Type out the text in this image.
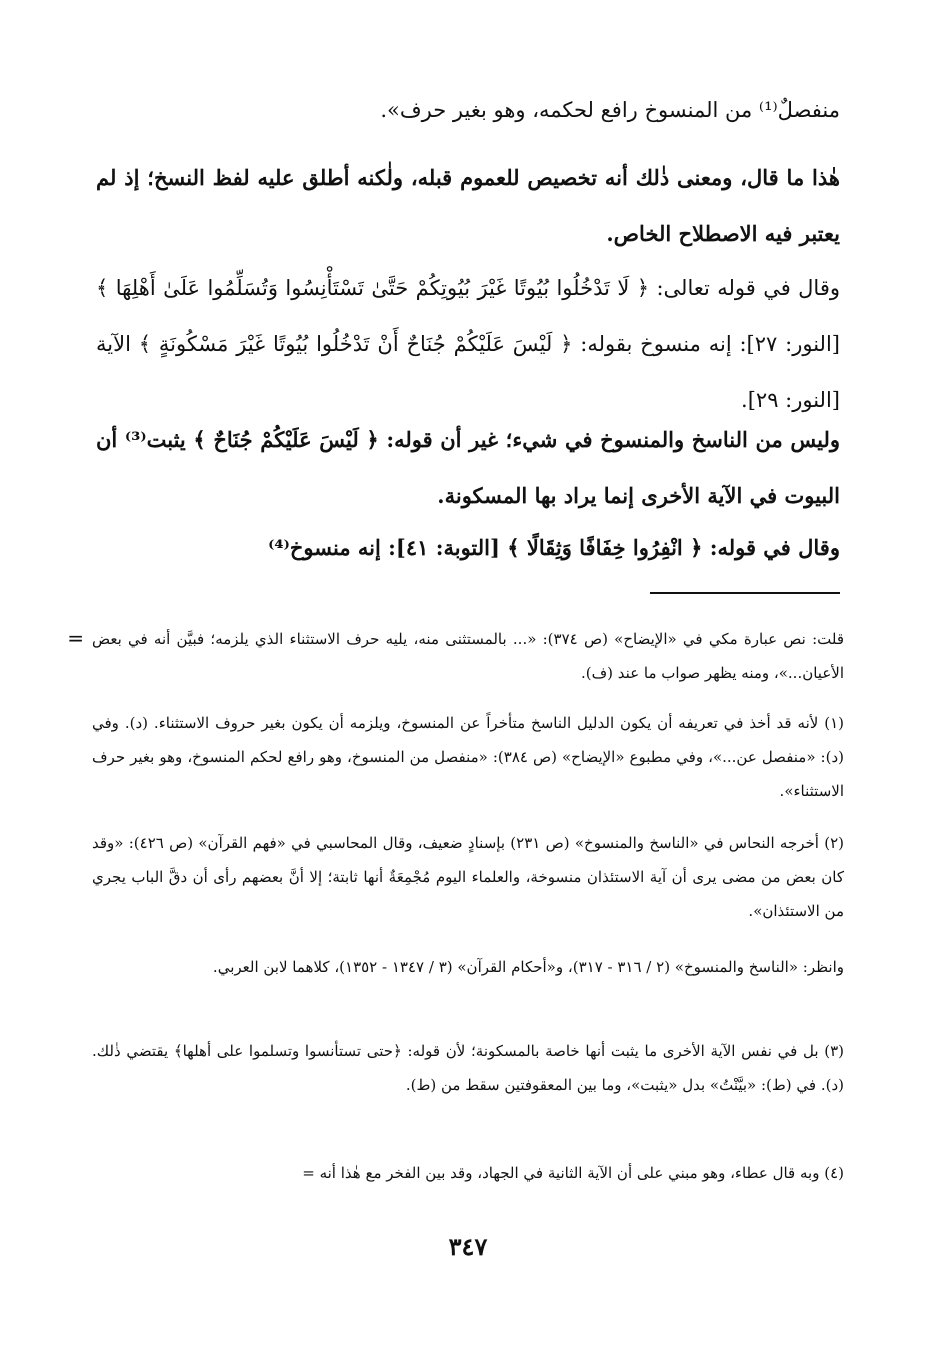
منفصلٌ⁽¹⁾ من المنسوخ رافع لحكمه، وهو بغير حرف».

هٰذا ما قال، ومعنى ذٰلك أنه تخصيص للعموم قبله، ولٰكنه أطلق عليه لفظ النسخ؛ إذ لم يعتبر فيه الاصطلاح الخاص.

وقال في قوله تعالى: ﴿ لَا تَدْخُلُوا بُيُوتًا غَيْرَ بُيُوتِكُمْ حَتَّىٰ تَسْتَأْنِسُوا وَتُسَلِّمُوا عَلَىٰ أَهْلِهَا ﴾ [النور: ٢٧]: إنه منسوخ بقوله: ﴿ لَيْسَ عَلَيْكُمْ جُنَاحٌ أَنْ تَدْخُلُوا بُيُوتًا غَيْرَ مَسْكُونَةٍ ﴾ الآية [النور: ٢٩].

وليس من الناسخ والمنسوخ في شيء؛ غير أن قوله: ﴿ لَيْسَ عَلَيْكُمْ جُنَاحٌ ﴾ يثبت⁽³⁾ أن البيوت في الآية الأخرى إنما يراد بها المسكونة.

وقال في قوله: ﴿ انْفِرُوا خِفَافًا وَثِقَالًا ﴾ [التوبة: ٤١]: إنه منسوخ⁽⁴⁾

= قلت: نص عبارة مكي في «الإيضاح» (ص ٣٧٤): «... بالمستثنى منه، يليه حرف الاستثناء الذي يلزمه؛ فبيَّن أنه في بعض الأعيان...»، ومنه يظهر صواب ما عند (ف).

(١) لأنه قد أخذ في تعريفه أن يكون الدليل الناسخ متأخراً عن المنسوخ، ويلزمه أن يكون بغير حروف الاستثناء. (د). وفي (د): «منفصل عن...»، وفي مطبوع «الإيضاح» (ص ٣٨٤): «منفصل من المنسوخ، وهو رافع لحكم المنسوخ، وهو بغير حرف الاستثناء».

(٢) أخرجه النحاس في «الناسخ والمنسوخ» (ص ٢٣١) بإسنادٍ ضعيف، وقال المحاسبي في «فهم القرآن» (ص ٤٢٦): «وقد كان بعض من مضى يرى أن آية الاستئذان منسوخة، والعلماء اليوم مُجْمِعَةٌ أنها ثابتة؛ إلا أنَّ بعضهم رأى أن دقَّ الباب يجري من الاستئذان».

وانظر: «الناسخ والمنسوخ» (٢ / ٣١٦ - ٣١٧)، و«أحكام القرآن» (٣ / ١٣٤٧ - ١٣٥٢)، كلاهما لابن العربي.

(٣) بل في نفس الآية الأخرى ما يثبت أنها خاصة بالمسكونة؛ لأن قوله: ﴿حتى تستأنسوا وتسلموا على أهلها﴾ يقتضي ذٰلك. (د). في (ط): «بيَّنْتُ» بدل «يثبت»، وما بين المعقوفتين سقط من (ط).

(٤) وبه قال عطاء، وهو مبني على أن الآية الثانية في الجهاد، وقد بين الفخر مع هٰذا أنه =

٣٤٧
